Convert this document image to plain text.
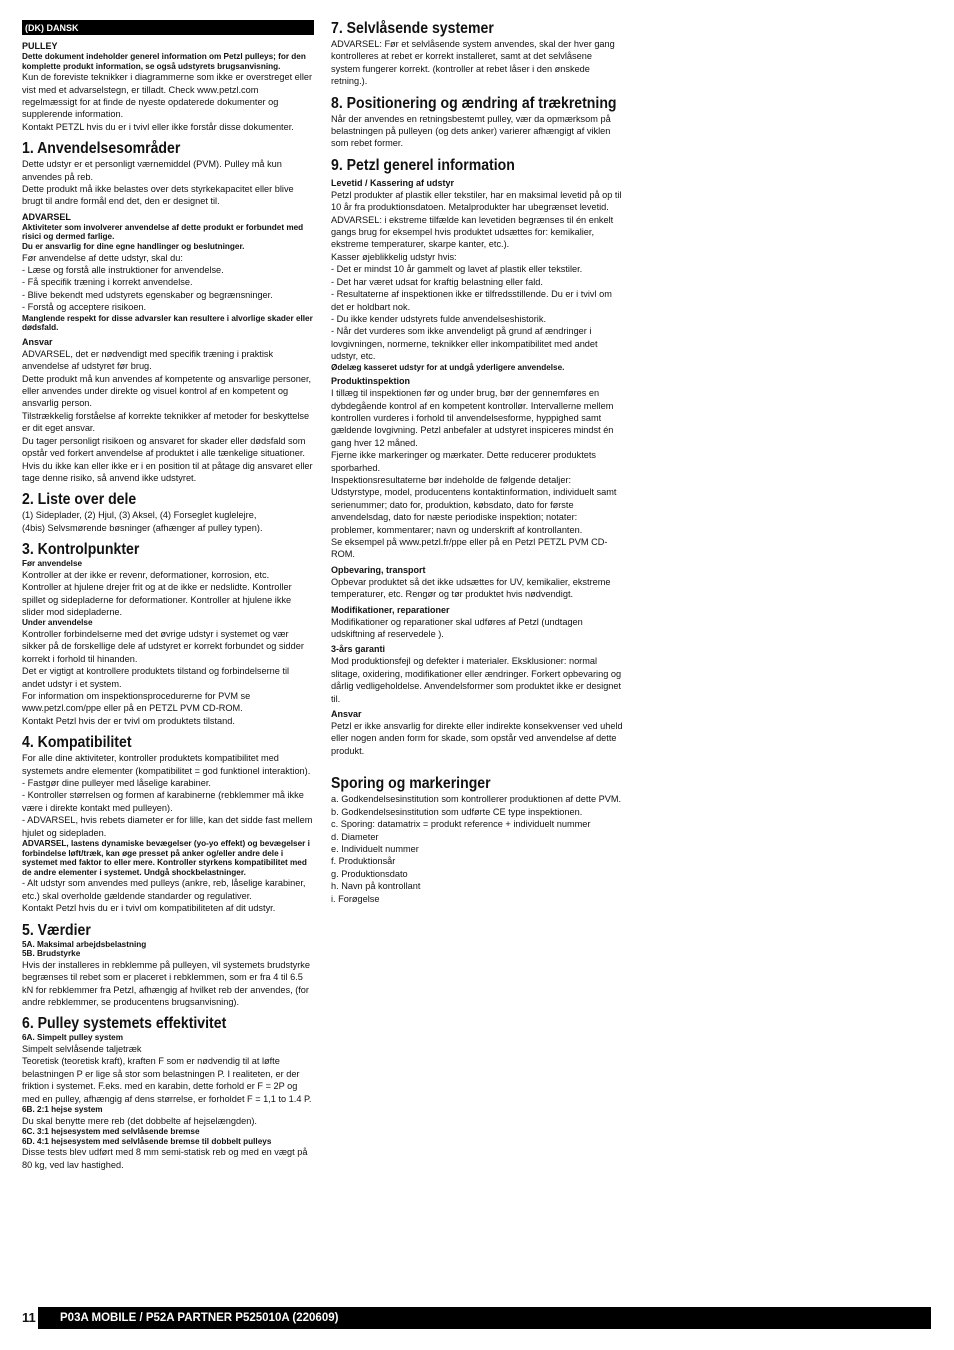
(DK) DANSK
PULLEY
Dette dokument indeholder generel information om Petzl pulleys; for den komplette produkt information, se også udstyrets brugsanvisning.
Kun de foreviste teknikker i diagrammerne som ikke er overstreget eller vist med et advarselstegn, er tilladt. Check www.petzl.com regelmæssigt for at finde de nyeste opdaterede dokumenter og supplerende information.
Kontakt PETZL hvis du er i tvivl eller ikke forstår disse dokumenter.
1. Anvendelsesområder
Dette udstyr er et personligt værnemiddel (PVM). Pulley må kun anvendes på reb.
Dette produkt må ikke belastes over dets styrkekapacitet eller blive brugt til andre formål end det, den er designet til.
ADVARSEL
Aktiviteter som involverer anvendelse af dette produkt er forbundet med risici og dermed farlige.
Du er ansvarlig for dine egne handlinger og beslutninger.
Før anvendelse af dette udstyr, skal du:
- Læse og forstå alle instruktioner for anvendelse.
- Få specifik træning i korrekt anvendelse.
- Blive bekendt med udstyrets egenskaber og begrænsninger.
- Forstå og acceptere risikoen.
Manglende respekt for disse advarsler kan resultere i alvorlige skader eller dødsfald.
Ansvar
ADVARSEL, det er nødvendigt med specifik træning i praktisk anvendelse af udstyret før brug.
Dette produkt må kun anvendes af kompetente og ansvarlige personer, eller anvendes under direkte og visuel kontrol af en kompetent og ansvarlig person.
Tilstrækkelig forståelse af korrekte teknikker af metoder for beskyttelse er dit eget ansvar.
Du tager personligt risikoen og ansvaret for skader eller dødsfald som opstår ved forkert anvendelse af produktet i alle tænkelige situationer. Hvis du ikke kan eller ikke er i en position til at påtage dig ansvaret eller tage denne risiko, så anvend ikke udstyret.
2. Liste over dele
(1) Sideplader, (2) Hjul, (3) Aksel, (4) Forseglet kuglelejre,
(4bis) Selvsmørende bøsninger (afhænger af pulley typen).
3. Kontrolpunkter
Før anvendelse
Kontroller at der ikke er revenr, deformationer, korrosion, etc.
Kontroller at hjulene drejer frit og at de ikke er nedslidte. Kontroller spillet og sidepladerne for deformationer. Kontroller at hjulene ikke slider mod sidepladerne.
Under anvendelse
Kontroller forbindelserne med det øvrige udstyr i systemet og vær sikker på de forskellige dele af udstyret er korrekt forbundet og sidder korrekt i forhold til hinanden.
Det er vigtigt at kontrollere produktets tilstand og forbindelserne til andet udstyr i et system.
For information om inspektionsprocedurerne for PVM se www.petzl.com/ppe eller på en PETZL PVM CD-ROM.
Kontakt Petzl hvis der er tvivl om produktets tilstand.
4. Kompatibilitet
For alle dine aktiviteter, kontroller produktets kompatibilitet med systemets andre elementer (kompatibilitet = god funktionel interaktion).
- Fastgør dine pulleyer med låselige karabiner.
- Kontroller størrelsen og formen af karabinerne (rebklemmer må ikke være i direkte kontakt med pulleyen).
- ADVARSEL, hvis rebets diameter er for lille, kan det sidde fast mellem hjulet og sidepladen.
ADVARSEL, lastens dynamiske bevægelser (yo-yo effekt) og bevægelser i forbindelse løft/træk, kan øge presset på anker og/eller andre dele i systemet med faktor to eller mere. Kontroller styrkens kompatibilitet med de andre elementer i systemet. Undgå shockbelastninger.
- Alt udstyr som anvendes med pulleys (ankre, reb, låselige karabiner, etc.) skal overholde gældende standarder og regulativer.
Kontakt Petzl hvis du er i tvivl om kompatibiliteten af dit udstyr.
5. Værdier
5A. Maksimal arbejdsbelastning
5B. Brudstyrke
Hvis der installeres in rebklemme på pulleyen, vil systemets brudstyrke begrænses til rebet som er placeret i rebklemmen, som er fra 4 til 6.5 kN for rebklemmer fra Petzl, afhængig af hvilket reb der anvendes, (for andre rebklemmer, se producentens brugsanvisning).
6. Pulley systemets effektivitet
6A. Simpelt pulley system
Simpelt selvlåsende taljetræk
Teoretisk (teoretisk kraft), kraften F som er nødvendig til at løfte belastningen P er lige så stor som belastningen P. I realiteten, er der friktion i systemet. F.eks. med en karabin, dette forhold er F = 2P og med en pulley, afhængig af dens størrelse, er forholdet F = 1,1 to 1.4 P.
6B. 2:1 hejse system
Du skal benytte mere reb (det dobbelte af hejselængden).
6C. 3:1 hejsesystem med selvlåsende bremse
6D. 4:1 hejsesystem med selvlåsende bremse til dobbelt pulleys
Disse tests blev udført med 8 mm semi-statisk reb og med en vægt på 80 kg, ved lav hastighed.
7. Selvlåsende systemer
ADVARSEL: Før et selvlåsende system anvendes, skal der hver gang kontrolleres at rebet er korrekt installeret, samt at det selvlåsene system fungerer korrekt. (kontroller at rebet låser i den ønskede retning.).
8. Positionering og ændring af trækretning
Når der anvendes en retningsbestemt pulley, vær da opmærksom på belastningen på pulleyen (og dets anker) varierer afhængigt af viklen som rebet former.
9. Petzl generel information
Levetid / Kassering af udstyr
Petzl produkter af plastik eller tekstiler, har en maksimal levetid på op til 10 år fra produktionsdatoen. Metalprodukter har ubegrænset levetid.
ADVARSEL: i ekstreme tilfælde kan levetiden begrænses til én enkelt gangs brug for eksempel hvis produktet udsættes for: kemikalier, ekstreme temperaturer, skarpe kanter, etc.).
Kasser øjeblikkelig udstyr hvis:
- Det er mindst 10 år gammelt og lavet af plastik eller tekstiler.
- Det har været udsat for kraftig belastning eller fald.
- Resultaterne af inspektionen ikke er tilfredsstillende. Du er i tvivl om det er holdbart nok.
- Du ikke kender udstyrets fulde anvendelseshistorik.
- Når det vurderes som ikke anvendeligt på grund af ændringer i lovgivningen, normerne, teknikker eller inkompatibilitet med andet udstyr, etc.
Ødelæg kasseret udstyr for at undgå yderligere anvendelse.
Produktinspektion
I tillæg til inspektionen før og under brug, bør der gennemføres en dybdegående kontrol af en kompetent kontrollør. Intervallerne mellem kontrollen vurderes i forhold til anvendelsesforme, hyppighed samt gældende lovgivning. Petzl anbefaler at udstyret inspiceres mindst én gang hver 12 måned.
Fjerne ikke markeringer og mærkater. Dette reducerer produktets sporbarhed.
Inspektionsresultaterne bør indeholde de følgende detaljer: Udstyrstype, model, producentens kontaktinformation, individuelt samt serienummer; dato for, produktion, købsdato, dato for første anvendelsdag, dato for næste periodiske inspektion; notater: problemer, kommentarer; navn og underskrift af kontrollanten.
Se eksempel på www.petzl.fr/ppe eller på en Petzl PETZL PVM CD-ROM.
Opbevaring, transport
Opbevar produktet så det ikke udsættes for UV, kemikalier, ekstreme temperaturer, etc. Rengør og tør produktet hvis nødvendigt.
Modifikationer, reparationer
Modifikationer og reparationer skal udføres af Petzl (undtagen udskiftning af reservedele ).
3-års garanti
Mod produktionsfejl og defekter i materialer. Eksklusioner: normal slitage, oxidering, modifikationer eller ændringer. Forkert opbevaring og dårlig vedligeholdelse. Anvendelsformer som produktet ikke er designet til.
Ansvar
Petzl er ikke ansvarlig for direkte eller indirekte konsekvenser ved uheld eller nogen anden form for skade, som opstår ved anvendelse af dette produkt.
Sporing og markeringer
a. Godkendelsesinstitution som kontrollerer produktionen af dette PVM.
b. Godkendelsesinstitution som udførte CE type inspektionen.
c. Sporing: datamatrix = produkt reference + individuelt nummer
d. Diameter
e. Individuelt nummer
f. Produktionsår
g. Produktionsdato
h. Navn på kontrollant
i. Forøgelse
11	P03A MOBILE / P52A PARTNER P525010A (220609)
